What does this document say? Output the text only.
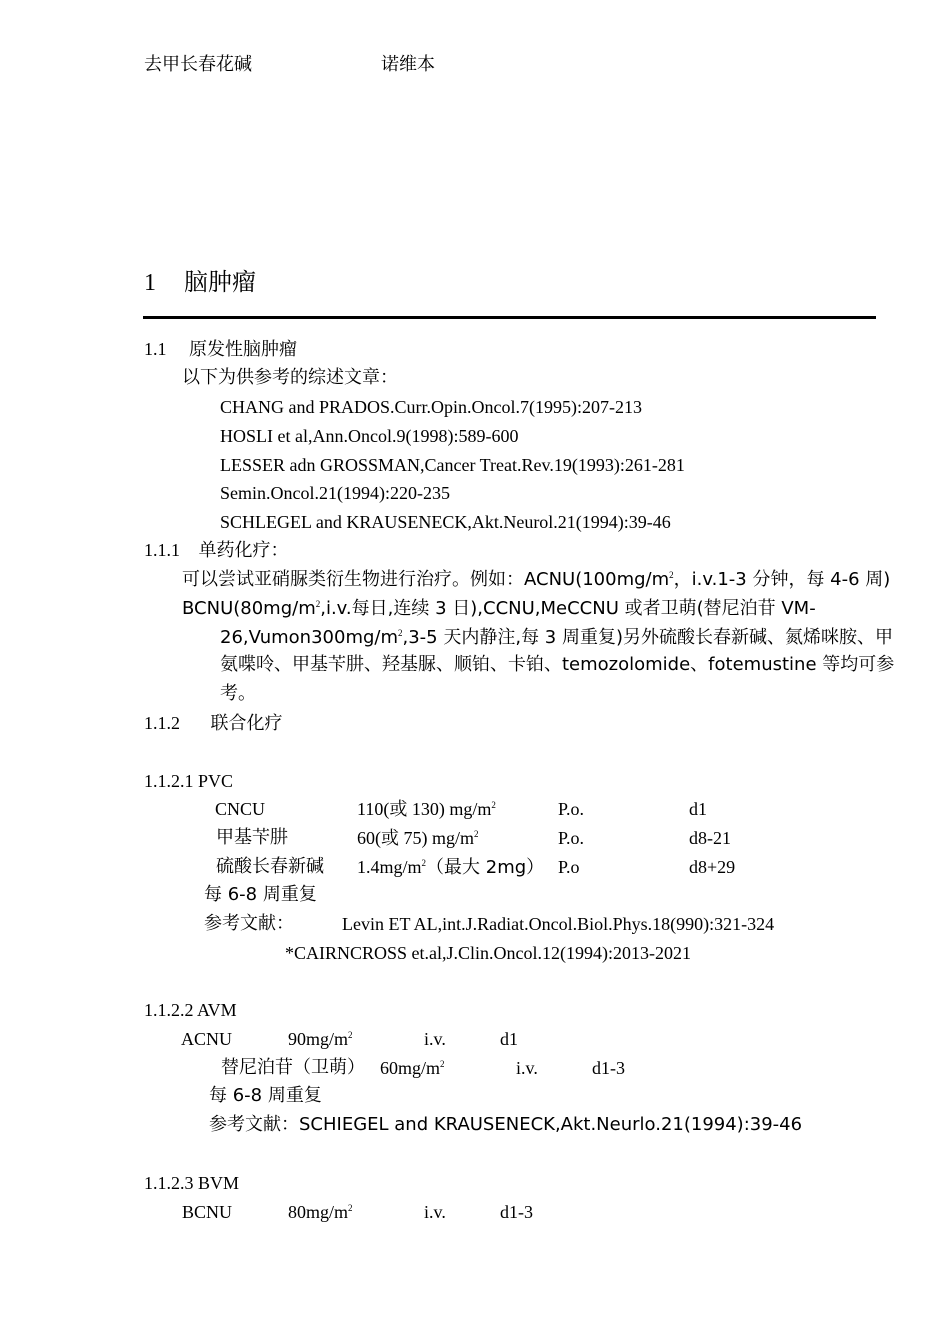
去甲长春花碱	诺维本
1 脑肿瘤
1.1 原发性脑肿瘤
以下为供参考的综述文章：
CHANG and PRADOS.Curr.Opin.Oncol.7(1995):207-213
HOSLI et al,Ann.Oncol.9(1998):589-600
LESSER adn GROSSMAN,Cancer Treat.Rev.19(1993):261-281
Semin.Oncol.21(1994):220-235
SCHLEGEL and KRAUSENECK,Akt.Neurol.21(1994):39-46
1.1.1 单药化疗：
可以尝试亚硝脲类衍生物进行治疗。例如：$ACNU(100mg/m^2$，i.v.1-3 分钟，每 4-6 周)
$BCNU(80mg/m^2,i.v$.每日,连续 3 日),CCNU,MeCCNU 或者卫萌(替尼泊苷 VM-
$26,Vumon300mg/m^2,3-5$ 天内静注,每 3 周重复)另外硫酸长春新碱、氮烯咪胺、甲
氨喋呤、甲基苄肼、羟基脲、顺铂、卡铂、temozolomide、fotemustine 等均可参
考。
1.1.2 联合化疗
1.1.2.1 PVC
CNCU	110(或 130) $mg/m^2$	P.o.	d1
甲基苄肼	60(或 75) $mg/m^2$	P.o.	d8-21
硫酸长春新碱 $1.4mg/m^2$（最大 2mg） P.o	d8+29
每 6-8 周重复
参考文献：	Levin ET AL,int.J.Radiat.Oncol.Biol.Phys.18(990):321-324
*CAIRNCROSS et.al,J.Clin.Oncol.12(1994):2013-2021
1.1.2.2 AVM
ACNU	$90mg/m^2$	i.v.	d1
替尼泊苷（卫萌） $60mg/m^2$	i.v.	d1-3
每 6-8 周重复
参考文献：SCHIEGEL and KRAUSENECK,Akt.Neurlo.21(1994):39-46
1.1.2.3 BVM
BCNU	$80mg/m^2$	i.v.	d1-3
